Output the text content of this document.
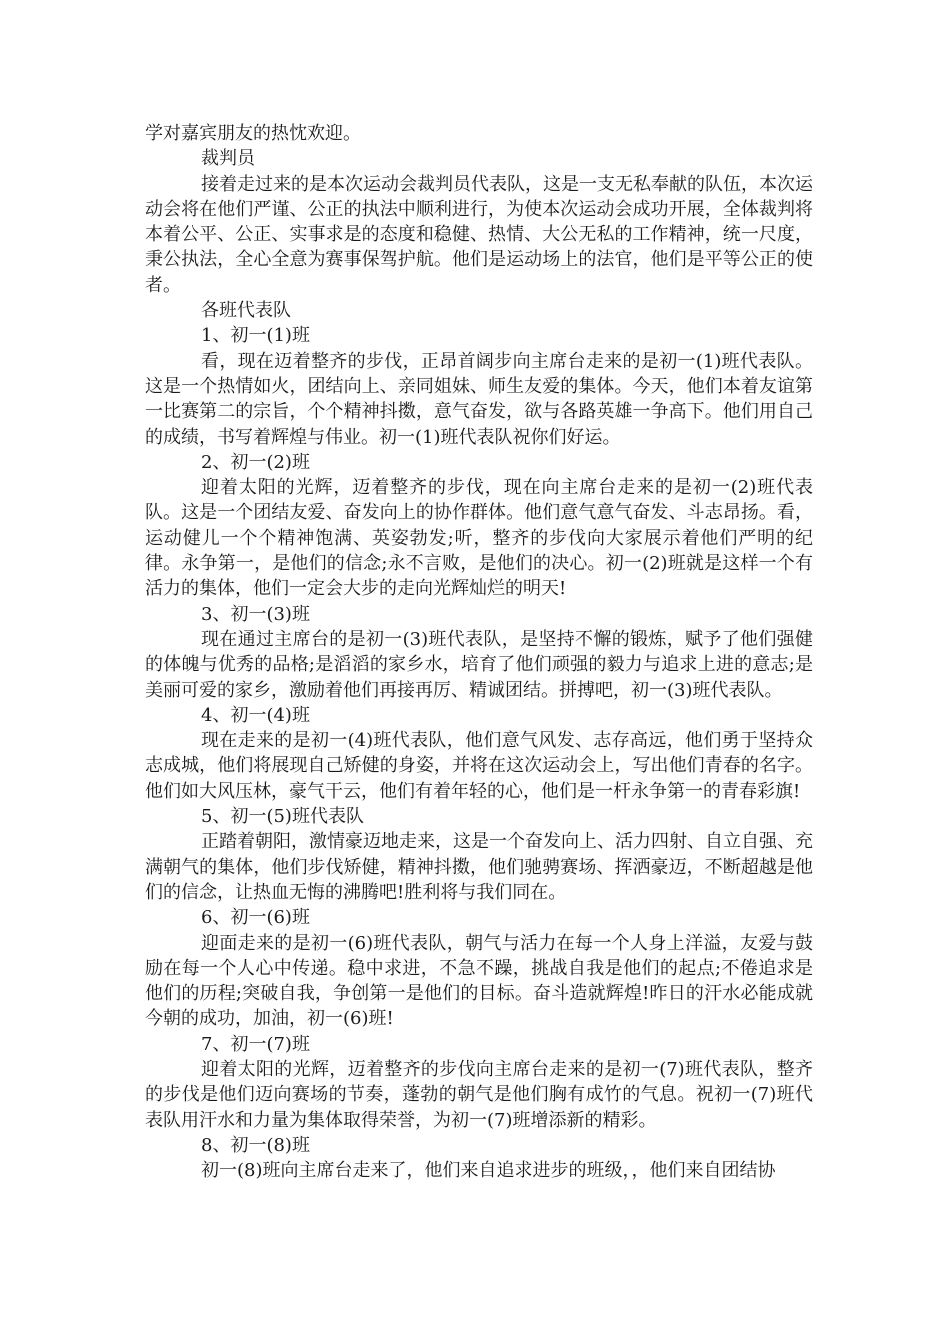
学对嘉宾朋友的热忱欢迎。

裁判员

接着走过来的是本次运动会裁判员代表队，这是一支无私奉献的队伍，本次运动会将在他们严谨、公正的执法中顺利进行，为使本次运动会成功开展，全体裁判将本着公平、公正、实事求是的态度和稳健、热情、大公无私的工作精神，统一尺度，秉公执法，全心全意为赛事保驾护航。他们是运动场上的法官，他们是平等公正的使者。

各班代表队

1、初一(1)班

看，现在迈着整齐的步伐，正昂首阔步向主席台走来的是初一(1)班代表队。这是一个热情如火，团结向上、亲同姐妹、师生友爱的集体。今天，他们本着友谊第一比赛第二的宗旨，个个精神抖擞，意气奋发，欲与各路英雄一争高下。他们用自己的成绩，书写着辉煌与伟业。初一(1)班代表队祝你们好运。

2、初一(2)班

迎着太阳的光辉，迈着整齐的步伐，现在向主席台走来的是初一(2)班代表队。这是一个团结友爱、奋发向上的协作群体。他们意气意气奋发、斗志昂扬。看，运动健儿一个个精神饱满、英姿勃发;听，整齐的步伐向大家展示着他们严明的纪律。永争第一，是他们的信念;永不言败，是他们的决心。初一(2)班就是这样一个有活力的集体，他们一定会大步的走向光辉灿烂的明天!

3、初一(3)班

现在通过主席台的是初一(3)班代表队，是坚持不懈的锻炼，赋予了他们强健的体魄与优秀的品格;是滔滔的家乡水，培育了他们顽强的毅力与追求上进的意志;是美丽可爱的家乡，激励着他们再接再厉、精诚团结。拼搏吧，初一(3)班代表队。

4、初一(4)班

现在走来的是初一(4)班代表队，他们意气风发、志存高远，他们勇于坚持众志成城，他们将展现自己矫健的身姿，并将在这次运动会上，写出他们青春的名字。他们如大风压林，豪气干云，他们有着年轻的心，他们是一杆永争第一的青春彩旗!

5、初一(5)班代表队

正踏着朝阳，激情豪迈地走来，这是一个奋发向上、活力四射、自立自强、充满朝气的集体，他们步伐矫健，精神抖擞，他们驰骋赛场、挥洒豪迈，不断超越是他们的信念，让热血无悔的沸腾吧!胜利将与我们同在。

6、初一(6)班

迎面走来的是初一(6)班代表队，朝气与活力在每一个人身上洋溢，友爱与鼓励在每一个人心中传递。稳中求进，不急不躁，挑战自我是他们的起点;不倦追求是他们的历程;突破自我，争创第一是他们的目标。奋斗造就辉煌!昨日的汗水必能成就今朝的成功，加油，初一(6)班!

7、初一(7)班

迎着太阳的光辉，迈着整齐的步伐向主席台走来的是初一(7)班代表队，整齐的步伐是他们迈向赛场的节奏，蓬勃的朝气是他们胸有成竹的气息。祝初一(7)班代表队用汗水和力量为集体取得荣誉，为初一(7)班增添新的精彩。

8、初一(8)班

初一(8)班向主席台走来了，他们来自追求进步的班级，，他们来自团结协
